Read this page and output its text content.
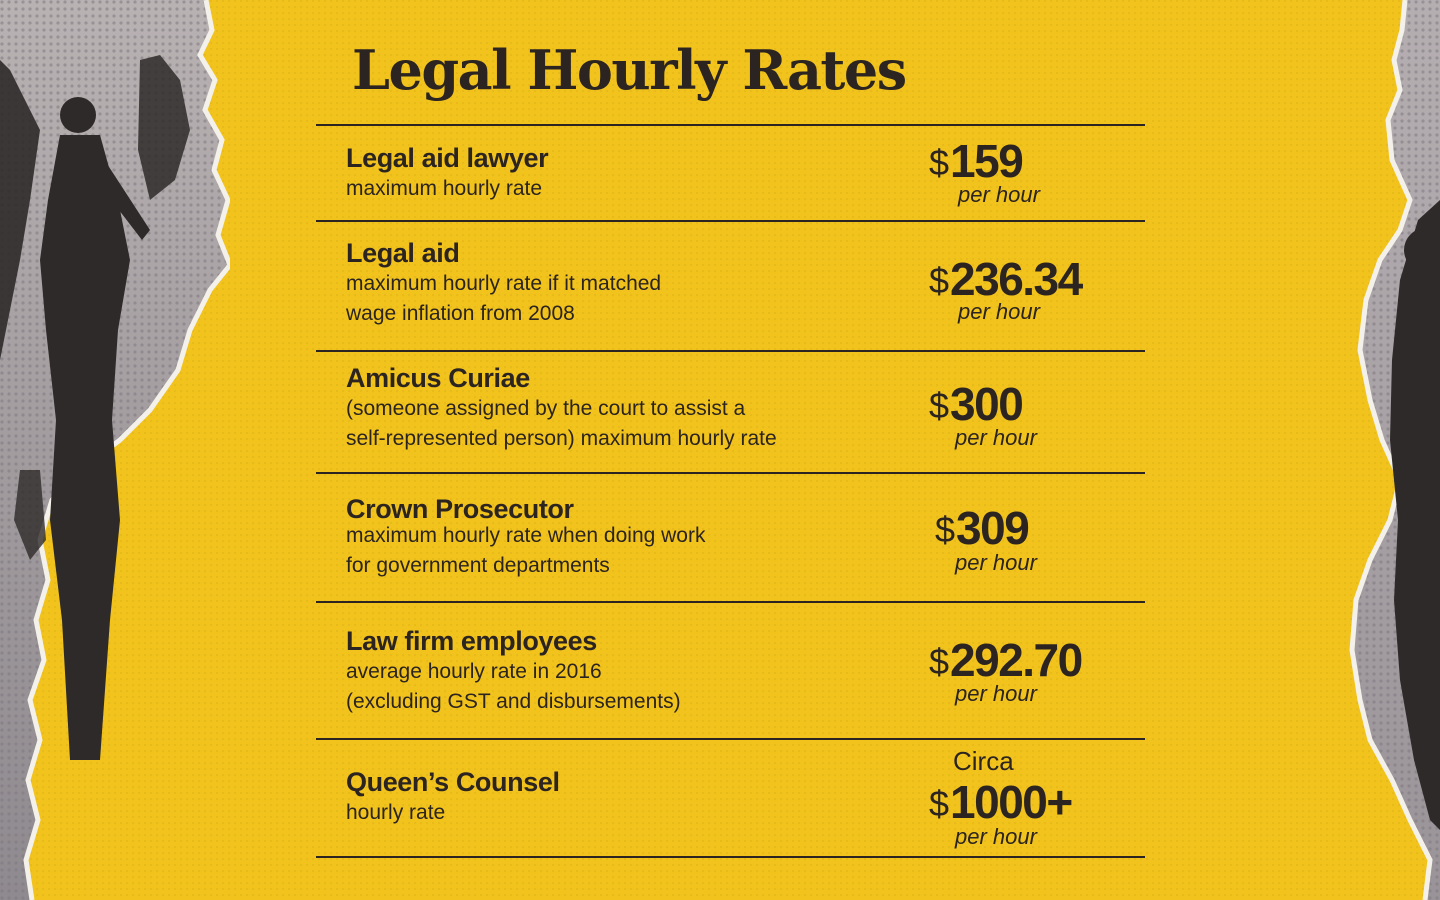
Legal Hourly Rates
Legal aid lawyer
maximum hourly rate
$159
per hour
Legal aid
maximum hourly rate if it matched
wage inflation from 2008
$236.34
per hour
Amicus Curiae
(someone assigned by the court to assist a
self-represented person) maximum hourly rate
$300
per hour
Crown Prosecutor
maximum hourly rate when doing work
for government departments
$309
per hour
Law firm employees
average hourly rate in 2016
(excluding GST and disbursements)
$292.70
per hour
Queen’s Counsel
hourly rate
Circa
$1000+
per hour
